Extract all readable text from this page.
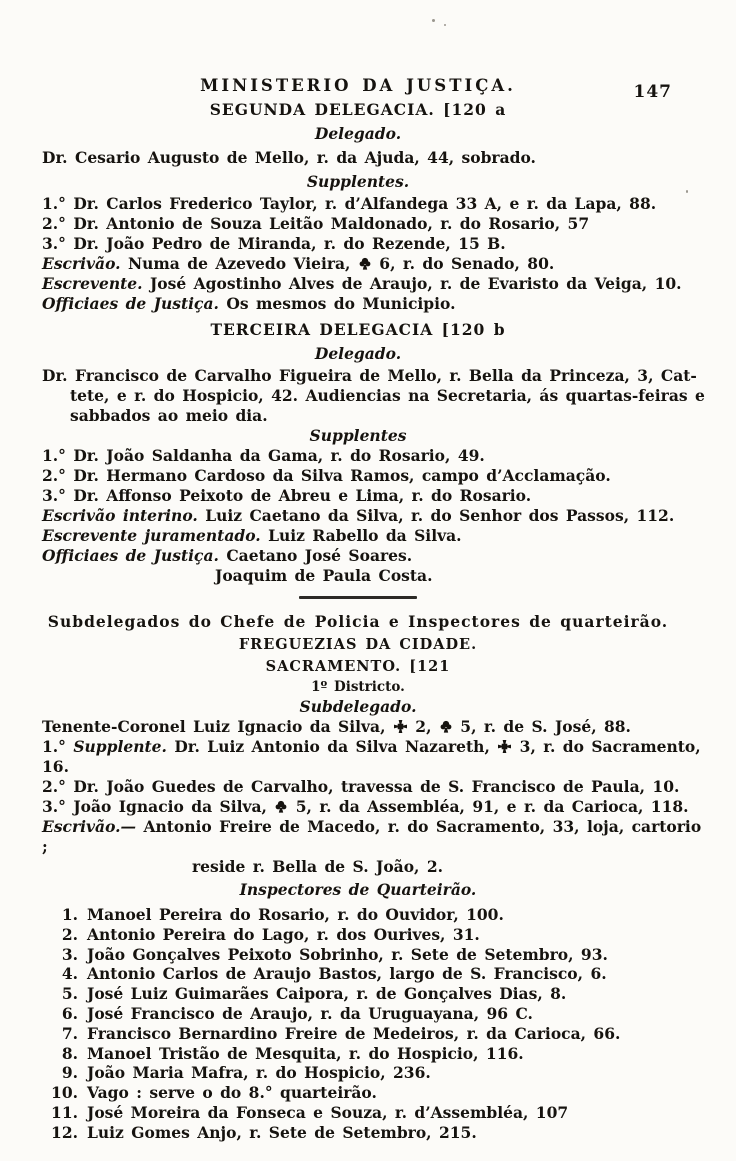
147
MINISTERIO DA JUSTIÇA.
SEGUNDA DELEGACIA. [120 a
Delegado.
Dr. Cesario Augusto de Mello, r. da Ajuda, 44, sobrado.
Supplentes.
1.° Dr. Carlos Frederico Taylor, r. d’Alfandega 33 A, e r. da Lapa, 88.
2.° Dr. Antonio de Souza Leitão Maldonado, r. do Rosario, 57
3.° Dr. João Pedro de Miranda, r. do Rezende, 15 B.
Escrivão. Numa de Azevedo Vieira, 6, r. do Senado, 80.
Escrevente. José Agostinho Alves de Araujo, r. de Evaristo da Veiga, 10.
Officiaes de Justiça. Os mesmos do Municipio.
TERCEIRA DELEGACIA [120 b
Delegado.
Dr. Francisco de Carvalho Figueira de Mello, r. Bella da Princeza, 3, Cat-
tete, e r. do Hospicio, 42. Audiencias na Secretaria, ás quartas-feiras e
sabbados ao meio dia.
Supplentes
1.° Dr. João Saldanha da Gama, r. do Rosario, 49.
2.° Dr. Hermano Cardoso da Silva Ramos, campo d’Acclamação.
3.° Dr. Affonso Peixoto de Abreu e Lima, r. do Rosario.
Escrivão interino. Luiz Caetano da Silva, r. do Senhor dos Passos, 112.
Escrevente juramentado. Luiz Rabello da Silva.
Officiaes de Justiça. Caetano José Soares.
Joaquim de Paula Costa.
Subdelegados do Chefe de Policia e Inspectores de quarteirão.
FREGUEZIAS DA CIDADE.
SACRAMENTO. [121
1º Districto.
Subdelegado.
Tenente-Coronel Luiz Ignacio da Silva, 2, 5, r. de S. José, 88.
1.° Supplente. Dr. Luiz Antonio da Silva Nazareth, 3, r. do Sacramento, 16.
2.° Dr. João Guedes de Carvalho, travessa de S. Francisco de Paula, 10.
3.° João Ignacio da Silva, 5, r. da Assembléa, 91, e r. da Carioca, 118.
Escrivão.— Antonio Freire de Macedo, r. do Sacramento, 33, loja, cartorio ;
reside r. Bella de S. João, 2.
Inspectores de Quarteirão.
1. Manoel Pereira do Rosario, r. do Ouvidor, 100.
2. Antonio Pereira do Lago, r. dos Ourives, 31.
3. João Gonçalves Peixoto Sobrinho, r. Sete de Setembro, 93.
4. Antonio Carlos de Araujo Bastos, largo de S. Francisco, 6.
5. José Luiz Guimarães Caipora, r. de Gonçalves Dias, 8.
6. José Francisco de Araujo, r. da Uruguayana, 96 C.
7. Francisco Bernardino Freire de Medeiros, r. da Carioca, 66.
8. Manoel Tristão de Mesquita, r. do Hospicio, 116.
9. João Maria Mafra, r. do Hospicio, 236.
10. Vago : serve o do 8.° quarteirão.
11. José Moreira da Fonseca e Souza, r. d’Assembléa, 107
12. Luiz Gomes Anjo, r. Sete de Setembro, 215.
